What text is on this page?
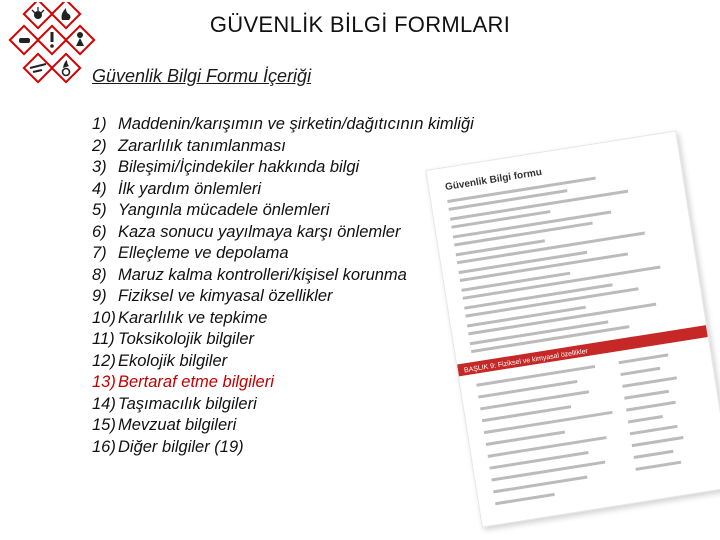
GÜVENLİK BİLGİ FORMLARI
Güvenlik Bilgi Formu İçeriği
Güvenlik Bilgi formu
BAŞLIK 9: Fiziksel ve kimyasal özellikler
1) Maddenin/karışımın ve şirketin/dağıtıcının kimliği
2) Zararlılık tanımlanması
3) Bileşimi/İçindekiler hakkında bilgi
4) İlk yardım önlemleri
5) Yangınla mücadele önlemleri
6) Kaza sonucu yayılmaya karşı önlemler
7) Elleçleme ve depolama
8) Maruz kalma kontrolleri/kişisel korunma
9) Fiziksel ve kimyasal özellikler
10) Kararlılık ve tepkime
11) Toksikolojik bilgiler
12) Ekolojik bilgiler
13) Bertaraf etme bilgileri
14) Taşımacılık bilgileri
15) Mevzuat bilgileri
16) Diğer bilgiler (19)
